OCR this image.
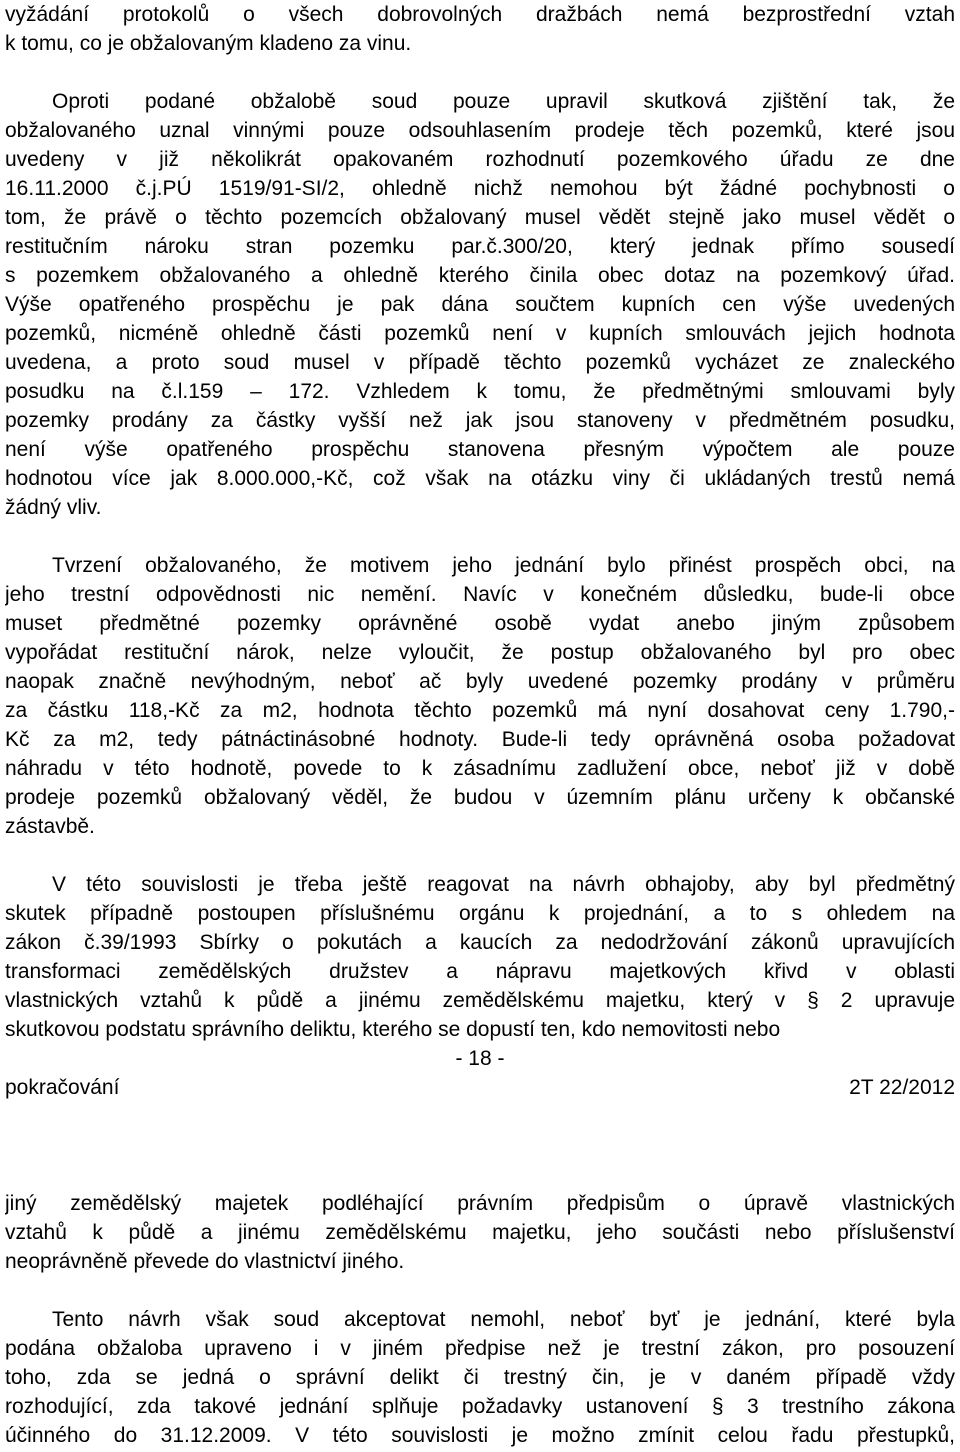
vyžádání protokolů o všech dobrovolných dražbách nemá bezprostřední vztah
k tomu, co je obžalovaným kladeno za vinu.
Oproti podané obžalobě soud pouze upravil skutková zjištění tak, že
obžalovaného uznal vinnými pouze odsouhlasením prodeje těch pozemků, které jsou
uvedeny v již několikrát opakovaném rozhodnutí pozemkového úřadu ze dne
16.11.2000 č.j.PÚ 1519/91-SI/2, ohledně nichž nemohou být žádné pochybnosti o
tom, že právě o těchto pozemcích obžalovaný musel vědět stejně jako musel vědět o
restitučním nároku stran pozemku par.č.300/20, který jednak přímo sousedí
s pozemkem obžalovaného a ohledně kterého činila obec dotaz na pozemkový úřad.
Výše opatřeného prospěchu je pak dána součtem kupních cen výše uvedených
pozemků, nicméně ohledně části pozemků není v kupních smlouvách jejich hodnota
uvedena, a proto soud musel v případě těchto pozemků vycházet ze znaleckého
posudku na č.l.159 – 172. Vzhledem k tomu, že předmětnými smlouvami byly
pozemky prodány za částky vyšší než jak jsou stanoveny v předmětném posudku,
není výše opatřeného prospěchu stanovena přesným výpočtem ale pouze
hodnotou více jak 8.000.000,-Kč, což však na otázku viny či ukládaných trestů nemá
žádný vliv.
Tvrzení obžalovaného, že motivem jeho jednání bylo přinést prospěch obci, na
jeho trestní odpovědnosti nic nemění. Navíc v konečném důsledku, bude-li obce
muset předmětné pozemky oprávněné osobě vydat anebo jiným způsobem
vypořádat restituční nárok, nelze vyloučit, že postup obžalovaného byl pro obec
naopak značně nevýhodným, neboť ač byly uvedené pozemky prodány v průměru
za částku 118,-Kč za m2, hodnota těchto pozemků má nyní dosahovat ceny 1.790,-
Kč za m2, tedy pátnáctinásobné hodnoty. Bude-li tedy oprávněná osoba požadovat
náhradu v této hodnotě, povede to k zásadnímu zadlužení obce, neboť již v době
prodeje pozemků obžalovaný věděl, že budou v územním plánu určeny k občanské
zástavbě.
V této souvislosti je třeba ještě reagovat na návrh obhajoby, aby byl předmětný
skutek případně postoupen příslušnému orgánu k projednání, a to s ohledem na
zákon č.39/1993 Sbírky o pokutách a kaucích za nedodržování zákonů upravujících
transformaci zemědělských družstev a nápravu majetkových křivd v oblasti
vlastnických vztahů k půdě a jinému zemědělskému majetku, který v § 2 upravuje
skutkovou podstatu správního deliktu, kterého se dopustí ten, kdo nemovitosti nebo
- 18 -
pokračování	2T 22/2012
jiný zemědělský majetek podléhající právním předpisům o úpravě vlastnických
vztahů k půdě a jinému zemědělskému majetku, jeho součásti nebo příslušenství
neoprávněně převede do vlastnictví jiného.
Tento návrh však soud akceptovat nemohl, neboť byť je jednání, které byla
podána obžaloba upraveno i v jiném předpise než je trestní zákon, pro posouzení
toho, zda se jedná o správní delikt či trestný čin, je v daném případě vždy
rozhodující, zda takové jednání splňuje požadavky ustanovení § 3 trestního zákona
účinného do 31.12.2009. V této souvislosti je možno zmínit celou řadu přestupků,
